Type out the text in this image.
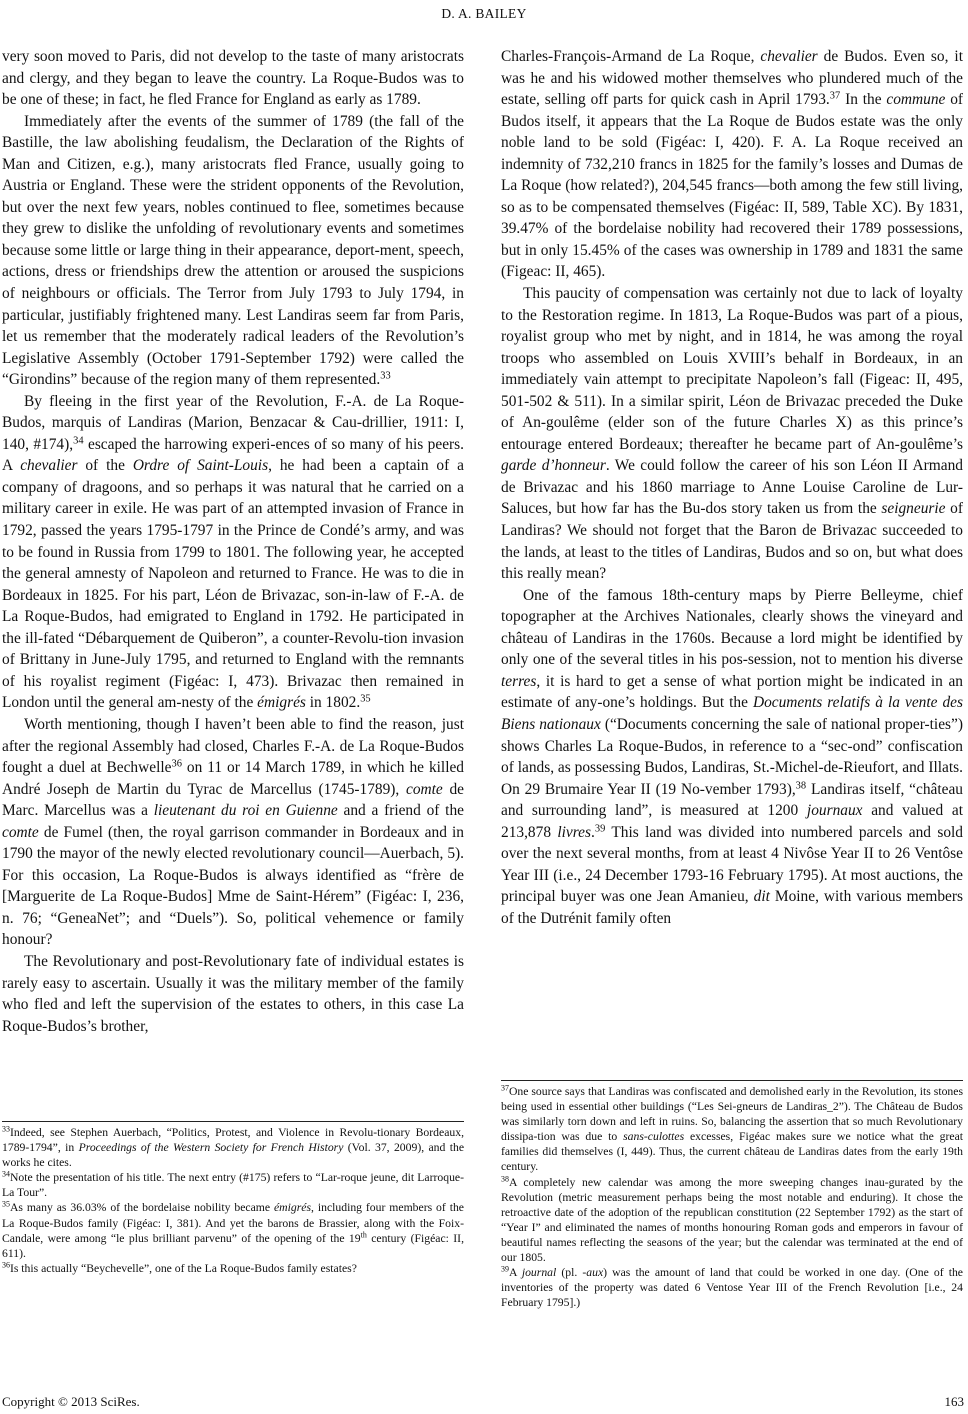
D. A. BAILEY

very soon moved to Paris, did not develop to the taste of many aristocrats and clergy, and they began to leave the country. La Roque-Budos was to be one of these; in fact, he fled France for England as early as 1789.

Immediately after the events of the summer of 1789 (the fall of the Bastille, the law abolishing feudalism, the Declaration of the Rights of Man and Citizen, e.g.), many aristocrats fled France, usually going to Austria or England. These were the strident opponents of the Revolution, but over the next few years, nobles continued to flee, sometimes because they grew to dislike the unfolding of revolutionary events and sometimes because some little or large thing in their appearance, deport-ment, speech, actions, dress or friendships drew the attention or aroused the suspicions of neighbours or officials. The Terror from July 1793 to July 1794, in particular, justifiably frightened many. Lest Landiras seem far from Paris, let us remember that the moderately radical leaders of the Revolution’s Legislative Assembly (October 1791-September 1792) were called the “Girondins” because of the region many of them represented.$^{33}$

By fleeing in the first year of the Revolution, F.-A. de La Roque-Budos, marquis of Landiras (Marion, Benzacar & Cau-drillier, 1911: I, 140, #174),$^{34}$ escaped the harrowing experi-ences of so many of his peers. A chevalier of the Ordre of Saint-Louis, he had been a captain of a company of dragoons, and so perhaps it was natural that he carried on a military career in exile. He was part of an attempted invasion of France in 1792, passed the years 1795-1797 in the Prince de Condé’s army, and was to be found in Russia from 1799 to 1801. The following year, he accepted the general amnesty of Napoleon and returned to France. He was to die in Bordeaux in 1825. For his part, Léon de Brivazac, son-in-law of F.-A. de La Roque-Budos, had emigrated to England in 1792. He participated in the ill-fated “Débarquement de Quiberon”, a counter-Revolu-tion invasion of Brittany in June-July 1795, and returned to England with the remnants of his royalist regiment (Figéac: I, 473). Brivazac then remained in London until the general am-nesty of the émigrés in 1802.35

Worth mentioning, though I haven’t been able to find the reason, just after the regional Assembly had closed, Charles F.-A. de La Roque-Budos fought a duel at Bechwelle$^{36}$ on 11 or 14 March 1789, in which he killed André Joseph de Martin du Tyrac de Marcellus (1745-1789), comte de Marc. Marcellus was a lieutenant du roi en Guienne and a friend of the comte de Fumel (then, the royal garrison commander in Bordeaux and in 1790 the mayor of the newly elected revolutionary council—Auerbach, 5). For this occasion, La Roque-Budos is always identified as “frère de [Marguerite de La Roque-Budos] Mme de Saint-Hérem” (Figéac: I, 236, n. 76; “GeneaNet”; and “Duels”). So, political vehemence or family honour?

The Revolutionary and post-Revolutionary fate of individual estates is rarely easy to ascertain. Usually it was the military member of the family who fled and left the supervision of the estates to others, in this case La Roque-Budos’s brother,

$^{33}$Indeed, see Stephen Auerbach, “Politics, Protest, and Violence in Revolu-tionary Bordeaux, 1789-1794”, in Proceedings of the Western Society for French History (Vol. 37, 2009), and the works he cites.

$^{34}$Note the presentation of his title. The next entry (#175) refers to “Lar-roque jeune, dit Larroque-La Tour”.

$^{35}$As many as 36.03% of the bordelaise nobility became émigrés, including four members of the La Roque-Budos family (Figéac: I, 381). And yet the barons de Brassier, along with the Foix-Candale, were among “le plus brilliant parvenu” of the opening of the 19th century (Figéac: II, 611).

$^{36}$Is this actually “Beychevelle”, one of the La Roque-Budos family estates?

Charles-François-Armand de La Roque, chevalier de Budos. Even so, it was he and his widowed mother themselves who plundered much of the estate, selling off parts for quick cash in April 1793.37 In the commune of Budos itself, it appears that the La Roque de Budos estate was the only noble land to be sold (Figéac: I, 420). F. A. La Roque received an indemnity of 732,210 francs in 1825 for the family’s losses and Dumas de La Roque (how related?), 204,545 francs—both among the few still living, so as to be compensated themselves (Figéac: II, 589, Table XC). By 1831, 39.47% of the bordelaise nobility had recovered their 1789 possessions, but in only 15.45% of the cases was ownership in 1789 and 1831 the same (Figeac: II, 465).

This paucity of compensation was certainly not due to lack of loyalty to the Restoration regime. In 1813, La Roque-Budos was part of a pious, royalist group who met by night, and in 1814, he was among the royal troops who assembled on Louis XVIII’s behalf in Bordeaux, in an immediately vain attempt to precipitate Napoleon’s fall (Figeac: II, 495, 501-502 & 511). In a similar spirit, Léon de Brivazac preceded the Duke of An-goulême (elder son of the future Charles X) as this prince’s entourage entered Bordeaux; thereafter he became part of An-goulême’s garde d’honneur. We could follow the career of his son Léon II Armand de Brivazac and his 1860 marriage to Anne Louise Caroline de Lur-Saluces, but how far has the Bu-dos story taken us from the seigneurie of Landiras? We should not forget that the Baron de Brivazac succeeded to the lands, at least to the titles of Landiras, Budos and so on, but what does this really mean?

One of the famous 18th-century maps by Pierre Belleyme, chief topographer at the Archives Nationales, clearly shows the vineyard and château of Landiras in the 1760s. Because a lord might be identified by only one of the several titles in his pos-session, not to mention his diverse terres, it is hard to get a sense of what portion might be indicated in an estimate of any-one’s holdings. But the Documents relatifs à la vente des Biens nationaux (“Documents concerning the sale of national proper-ties”) shows Charles La Roque-Budos, in reference to a “sec-ond” confiscation of lands, as possessing Budos, Landiras, St.-Michel-de-Rieufort, and Illats. On 29 Brumaire Year II (19 No-vember 1793),$^{38}$ Landiras itself, “château and surrounding land”, is measured at 1200 journaux and valued at 213,878 livres.$^{39}$ This land was divided into numbered parcels and sold over the next several months, from at least 4 Nivôse Year II to 26 Ventôse Year III (i.e., 24 December 1793-16 February 1795). At most auctions, the principal buyer was one Jean Amanieu, dit Moine, with various members of the Dutrénit family often

$^{37}$One source says that Landiras was confiscated and demolished early in the Revolution, its stones being used in essential other buildings (“Les Sei-gneurs de Landiras_2”). The Château de Budos was similarly torn down and left in ruins. So, balancing the assertion that so much Revolutionary dissipa-tion was due to sans-culottes excesses, Figéac makes sure we notice what the great families did themselves (I, 449). Thus, the current château de Landiras dates from the early 19th century.

$^{38}$A completely new calendar was among the more sweeping changes inau-gurated by the Revolution (metric measurement perhaps being the most notable and enduring). It chose the retroactive date of the adoption of the republican constitution (22 September 1792) as the start of “Year I” and eliminated the names of months honouring Roman gods and emperors in favour of beautiful names reflecting the seasons of the year; but the calendar was terminated at the end of our 1805.

$^{39}$A journal (pl. -aux) was the amount of land that could be worked in one day. (One of the inventories of the property was dated 6 Ventose Year III of the French Revolution [i.e., 24 February 1795].)

Copyright © 2013 SciRes.	163
